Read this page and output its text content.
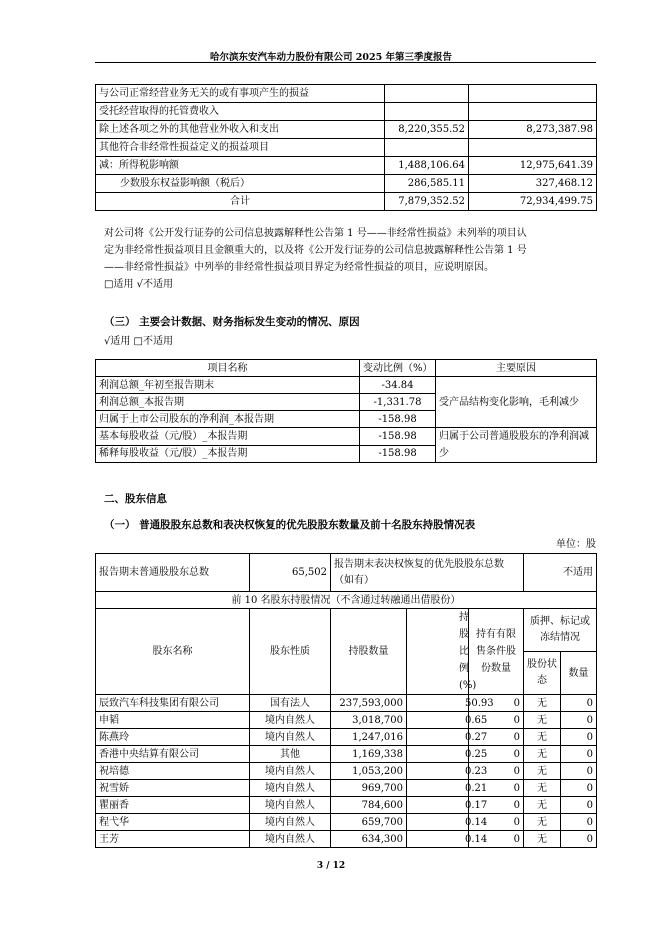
哈尔滨东安汽车动力股份有限公司 2025 年第三季度报告
与公司正常经营业务无关的或有事项产生的损益		
受托经营取得的托管费收入		
除上述各项之外的其他营业外收入和支出	8,220,355.52	8,273,387.98
其他符合非经常性损益定义的损益项目		
减：所得税影响额	1,488,106.64	12,975,641.39
少数股东权益影响额（税后）	286,585.11	327,468.12
合计	7,879,352.52	72,934,499.75
对公司将《公开发行证券的公司信息披露解释性公告第 1 号——非经常性损益》未列举的项目认
定为非经常性损益项目且金额重大的，以及将《公开发行证券的公司信息披露解释性公告第 1 号
——非经常性损益》中列举的非经常性损益项目界定为经常性损益的项目，应说明原因。
□适用 √不适用
（三） 主要会计数据、财务指标发生变动的情况、原因
√适用 □不适用
项目名称	变动比例（%）	主要原因
利润总额_年初至报告期末	-34.84	受产品结构变化影响，毛利减少
利润总额_本报告期	-1,331.78	
归属于上市公司股东的净利润_本报告期	-158.98	
基本每股收益（元/股）_本报告期	-158.98	归属于公司普通股股东的净利润减少
稀释每股收益（元/股）_本报告期	-158.98	
二、股东信息
（一） 普通股股东总数和表决权恢复的优先股股东数量及前十名股东持股情况表
单位：股
报告期末普通股股东总数	65,502	报告期末表决权恢复的优先股股东总数（如有）			不适用	
前 10 名股东持股情况（不含通过转融通出借股份）						
股东名称	股东性质	持股数量	持股比例(%)	持有有限售条件股份数量	质押、标记或冻结情况	
					股份状态	数量
辰致汽车科技集团有限公司	国有法人	237,593,000	50.93	0	无	0
申韬	境内自然人	3,018,700	0.65	0	无	0
陈燕玲	境内自然人	1,247,016	0.27	0	无	0
香港中央结算有限公司	其他	1,169,338	0.25	0	无	0
祝培德	境内自然人	1,053,200	0.23	0	无	0
祝雪娇	境内自然人	969,700	0.21	0	无	0
瞿丽香	境内自然人	784,600	0.17	0	无	0
程弋华	境内自然人	659,700	0.14	0	无	0
王芳	境内自然人	634,300	0.14	0	无	0
3 / 12
